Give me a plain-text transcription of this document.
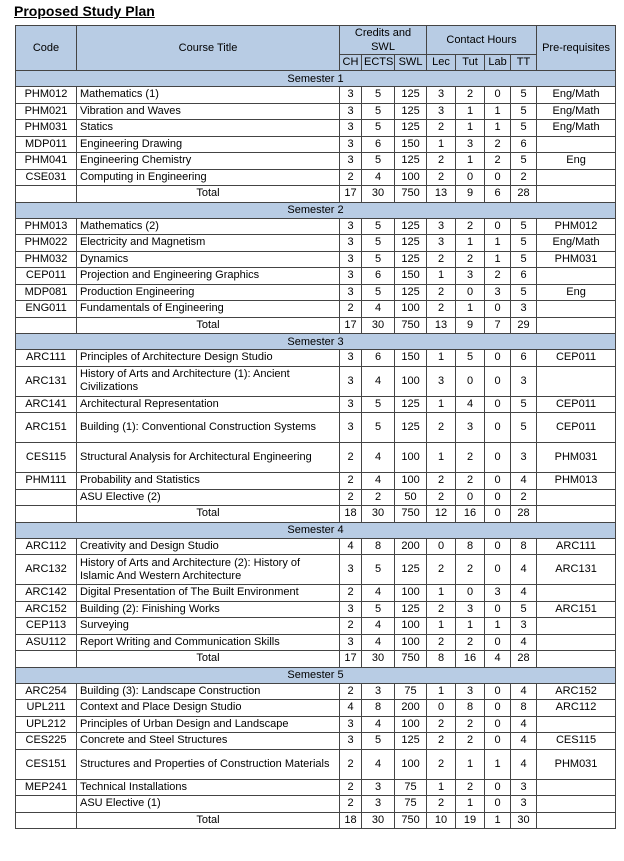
Proposed Study Plan
Code	Course Title	Credits and SWL			Contact Hours				Pre-requisites
		CH	ECTS	SWL	Lec	Tut	Lab	TT	
Semester 1									
PHM012	Mathematics (1)	3	5	125	3	2	0	5	Eng/Math
PHM021	Vibration and Waves	3	5	125	3	1	1	5	Eng/Math
PHM031	Statics	3	5	125	2	1	1	5	Eng/Math
MDP011	Engineering Drawing	3	6	150	1	3	2	6	
PHM041	Engineering Chemistry	3	5	125	2	1	2	5	Eng
CSE031	Computing in Engineering	2	4	100	2	0	0	2	
	Total	17	30	750	13	9	6	28	
Semester 2									
PHM013	Mathematics (2)	3	5	125	3	2	0	5	PHM012
PHM022	Electricity and Magnetism	3	5	125	3	1	1	5	Eng/Math
PHM032	Dynamics	3	5	125	2	2	1	5	PHM031
CEP011	Projection and Engineering Graphics	3	6	150	1	3	2	6	
MDP081	Production Engineering	3	5	125	2	0	3	5	Eng
ENG011	Fundamentals of Engineering	2	4	100	2	1	0	3	
	Total	17	30	750	13	9	7	29	
Semester 3									
ARC111	Principles of Architecture Design Studio	3	6	150	1	5	0	6	CEP011
ARC131	History of Arts and Architecture (1): Ancient Civilizations	3	4	100	3	0	0	3	
ARC141	Architectural Representation	3	5	125	1	4	0	5	CEP011
ARC151	Building (1): Conventional Construction Systems	3	5	125	2	3	0	5	CEP011
CES115	Structural Analysis for Architectural Engineering	2	4	100	1	2	0	3	PHM031
PHM111	Probability and Statistics	2	4	100	2	2	0	4	PHM013
	ASU Elective (2)	2	2	50	2	0	0	2	
	Total	18	30	750	12	16	0	28	
Semester 4									
ARC112	Creativity and Design Studio	4	8	200	0	8	0	8	ARC111
ARC132	History of Arts and Architecture (2): History of Islamic And Western Architecture	3	5	125	2	2	0	4	ARC131
ARC142	Digital Presentation of The Built Environment	2	4	100	1	0	3	4	
ARC152	Building (2): Finishing Works	3	5	125	2	3	0	5	ARC151
CEP113	Surveying	2	4	100	1	1	1	3	
ASU112	Report Writing and Communication Skills	3	4	100	2	2	0	4	
	Total	17	30	750	8	16	4	28	
Semester 5									
ARC254	Building (3): Landscape Construction	2	3	75	1	3	0	4	ARC152
UPL211	Context and Place Design Studio	4	8	200	0	8	0	8	ARC112
UPL212	Principles of Urban Design and Landscape	3	4	100	2	2	0	4	
CES225	Concrete and Steel Structures	3	5	125	2	2	0	4	CES115
CES151	Structures and Properties of Construction Materials	2	4	100	2	1	1	4	PHM031
MEP241	Technical Installations	2	3	75	1	2	0	3	
	ASU Elective (1)	2	3	75	2	1	0	3	
	Total	18	30	750	10	19	1	30	
